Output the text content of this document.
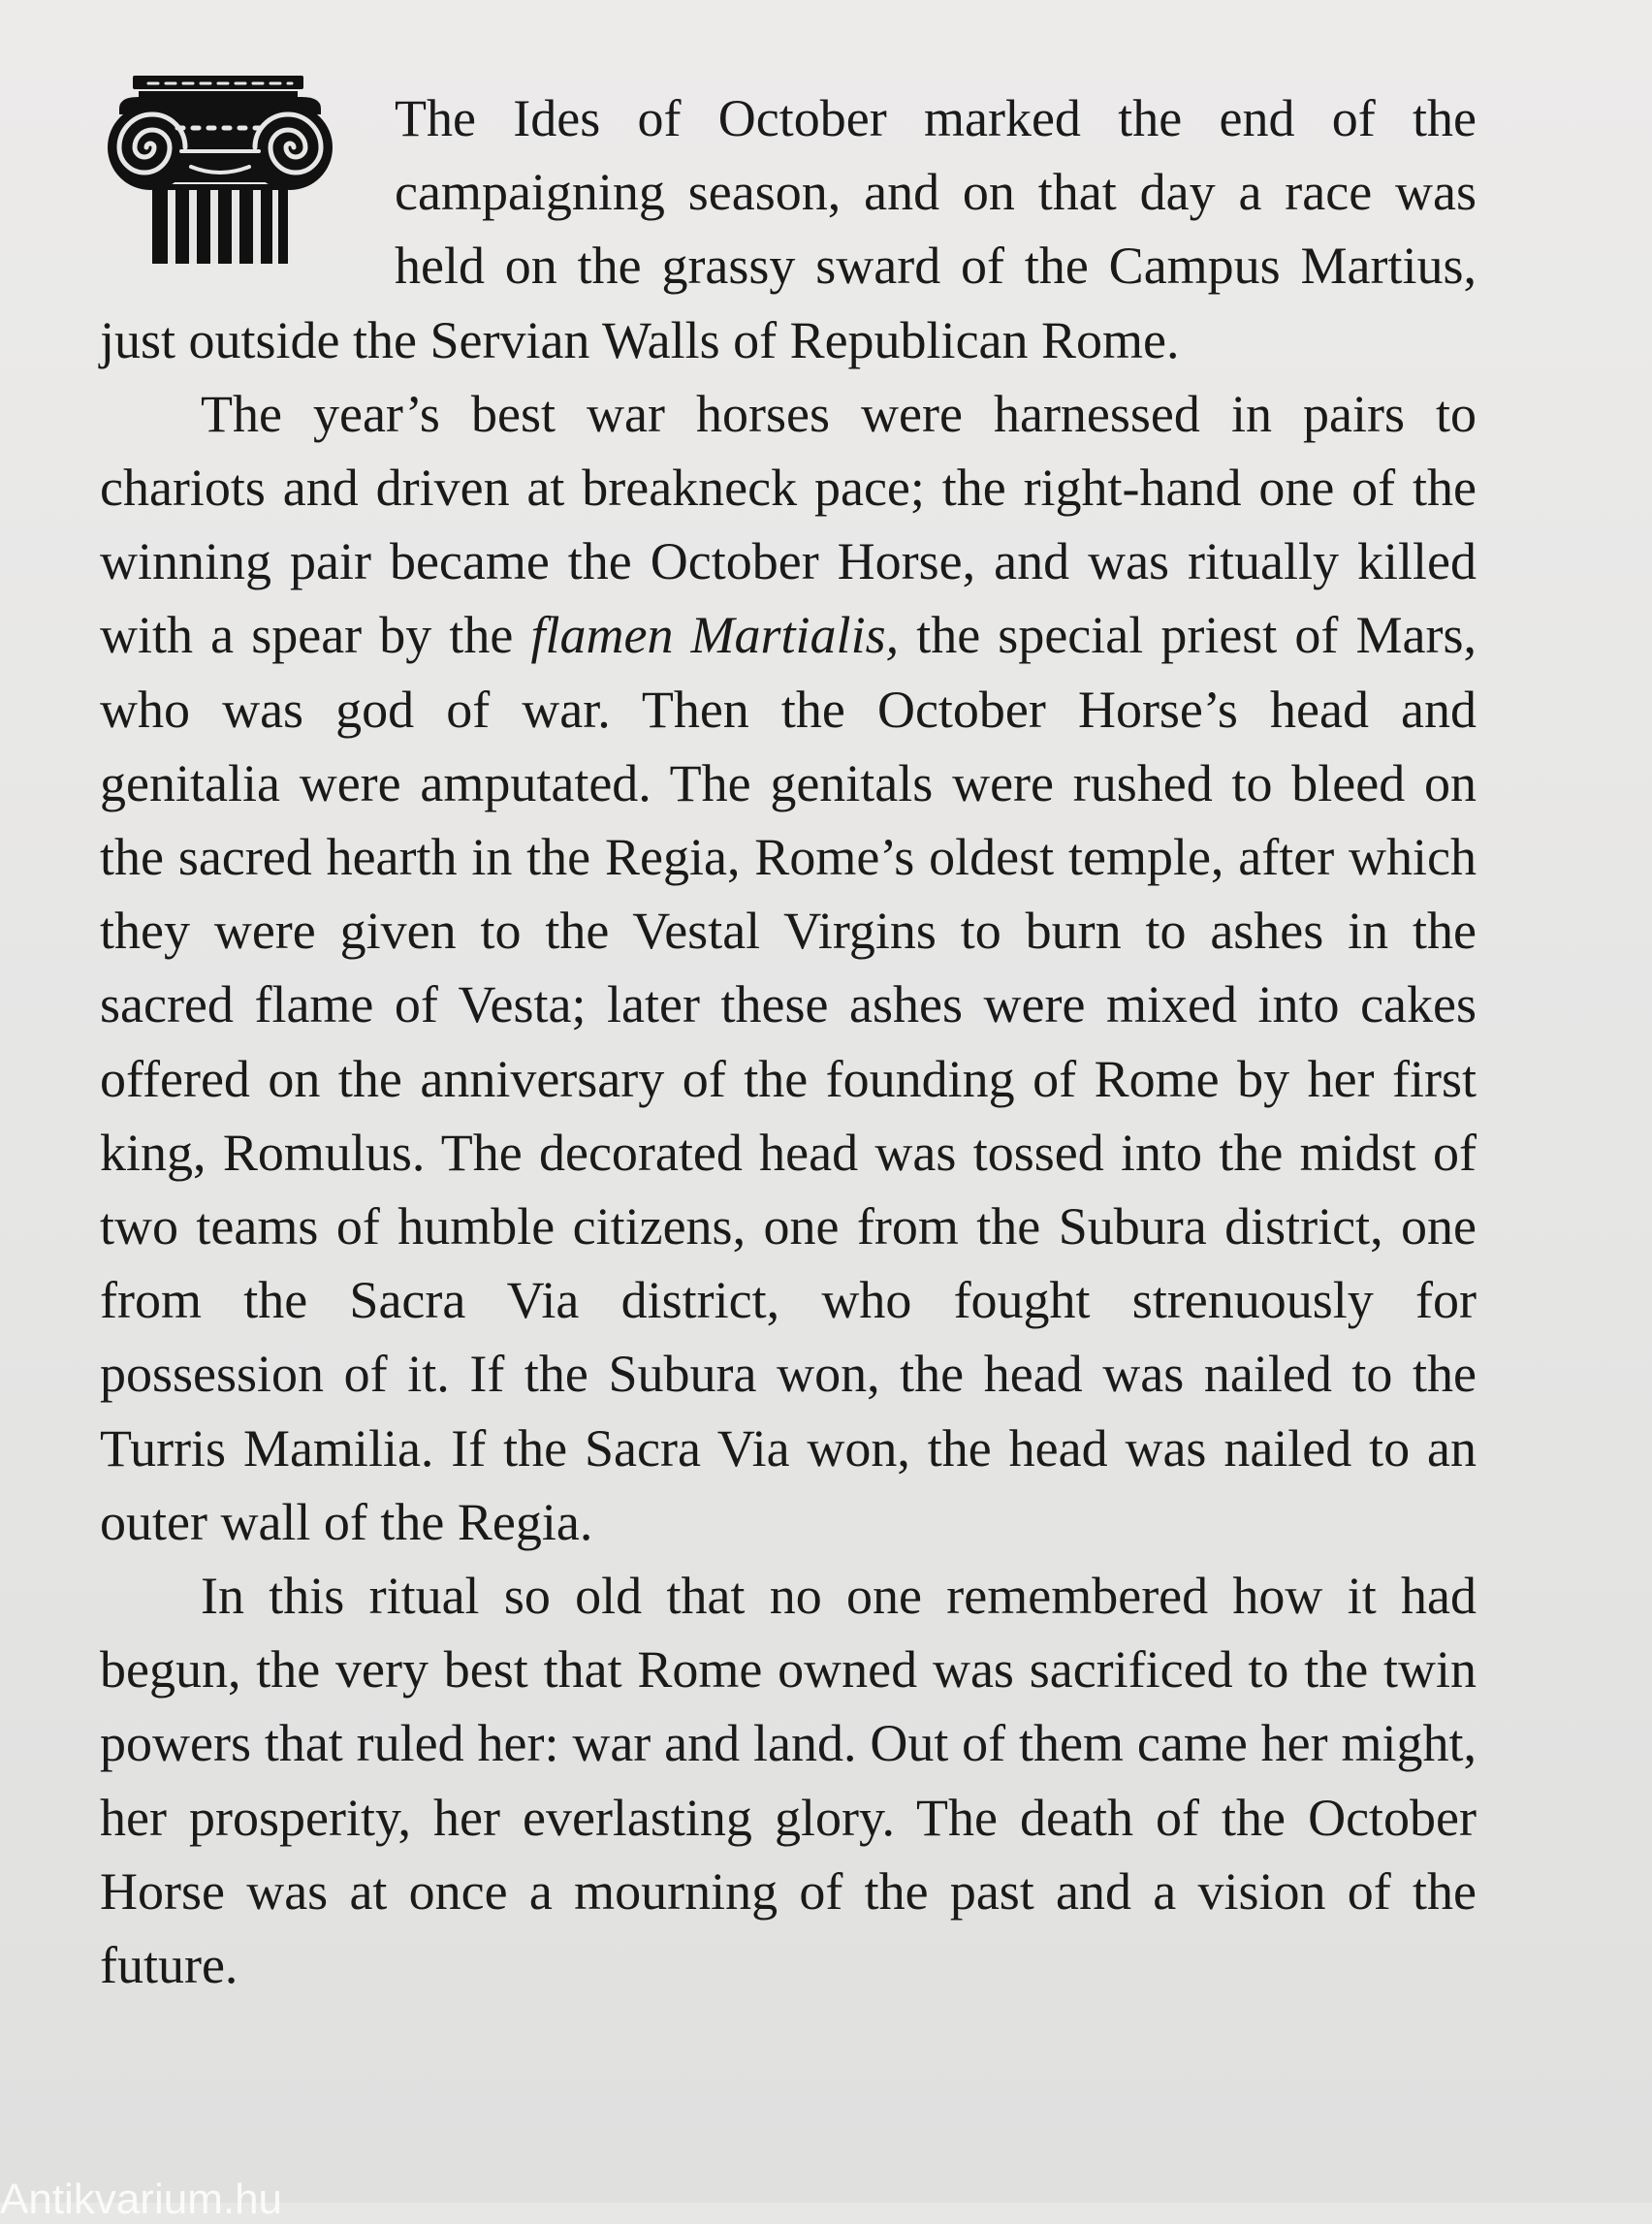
The Ides of October marked the end of the campaigning season, and on that day a race was held on the grassy sward of the Campus Martius, just outside the Servian Walls of Republican Rome.

The year’s best war horses were harnessed in pairs to chariots and driven at breakneck pace; the right-hand one of the winning pair became the October Horse, and was ritually killed with a spear by the flamen Martialis, the special priest of Mars, who was god of war. Then the October Horse’s head and genitalia were amputated. The genitals were rushed to bleed on the sacred hearth in the Regia, Rome’s oldest temple, after which they were given to the Vestal Virgins to burn to ashes in the sacred flame of Vesta; later these ashes were mixed into cakes offered on the anniversary of the founding of Rome by her first king, Romulus. The decorated head was tossed into the midst of two teams of humble citizens, one from the Subura district, one from the Sacra Via district, who fought strenuously for possession of it. If the Subura won, the head was nailed to the Turris Mamilia. If the Sacra Via won, the head was nailed to an outer wall of the Regia.

In this ritual so old that no one remembered how it had begun, the very best that Rome owned was sacrificed to the twin powers that ruled her: war and land. Out of them came her might, her prosperity, her everlasting glory. The death of the October Horse was at once a mourning of the past and a vision of the future.

Antikvarium.hu
